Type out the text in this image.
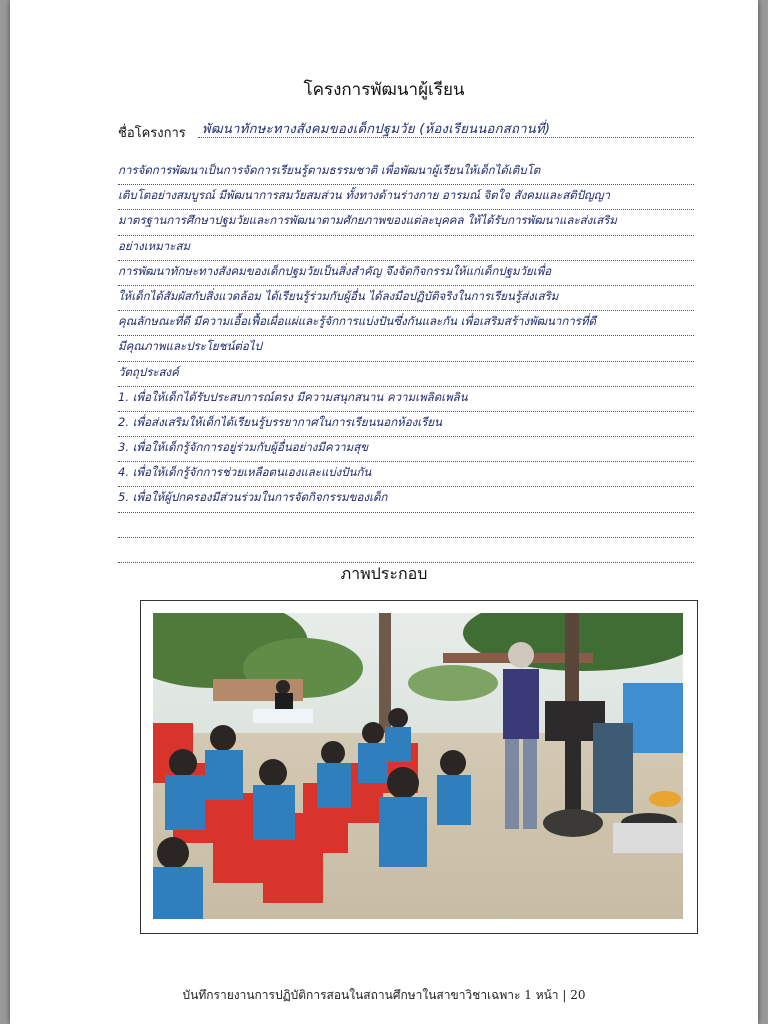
โครงการพัฒนาผู้เรียน
ชื่อโครงการ พัฒนาทักษะทางสังคมของเด็กปฐมวัย (ห้องเรียนนอกสถานที่)
การจัดการพัฒนาเป็นการจัดการเรียนรู้ตามธรรมชาติ เพื่อพัฒนาผู้เรียนให้เด็กได้เติบโต
เติบโตอย่างสมบูรณ์ มีพัฒนาการสมวัยสมส่วน ทั้งทางด้านร่างกาย อารมณ์ จิตใจ สังคมและสติปัญญา
มาตรฐานการศึกษาปฐมวัยและการพัฒนาตามศักยภาพของแต่ละบุคคล ให้ได้รับการพัฒนาและส่งเสริม
อย่างเหมาะสม
การพัฒนาทักษะทางสังคมของเด็กปฐมวัยเป็นสิ่งสำคัญ จึงจัดกิจกรรมให้แก่เด็กปฐมวัยเพื่อ
ให้เด็กได้สัมผัสกับสิ่งแวดล้อม ได้เรียนรู้ร่วมกับผู้อื่น ได้ลงมือปฏิบัติจริงในการเรียนรู้ส่งเสริม
คุณลักษณะที่ดี มีความเอื้อเฟื้อเผื่อแผ่และรู้จักการแบ่งปันซึ่งกันและกัน เพื่อเสริมสร้างพัฒนาการที่ดี
มีคุณภาพและประโยชน์ต่อไป
วัตถุประสงค์
1. เพื่อให้เด็กได้รับประสบการณ์ตรง มีความสนุกสนาน ความเพลิดเพลิน
2. เพื่อส่งเสริมให้เด็กได้เรียนรู้บรรยากาศในการเรียนนอกห้องเรียน
3. เพื่อให้เด็กรู้จักการอยู่ร่วมกับผู้อื่นอย่างมีความสุข
4. เพื่อให้เด็กรู้จักการช่วยเหลือตนเองและแบ่งปันกัน
5. เพื่อให้ผู้ปกครองมีส่วนร่วมในการจัดกิจกรรมของเด็ก
ภาพประกอบ
บันทึกรายงานการปฏิบัติการสอนในสถานศึกษาในสาขาวิชาเฉพาะ 1 หน้า | 20
